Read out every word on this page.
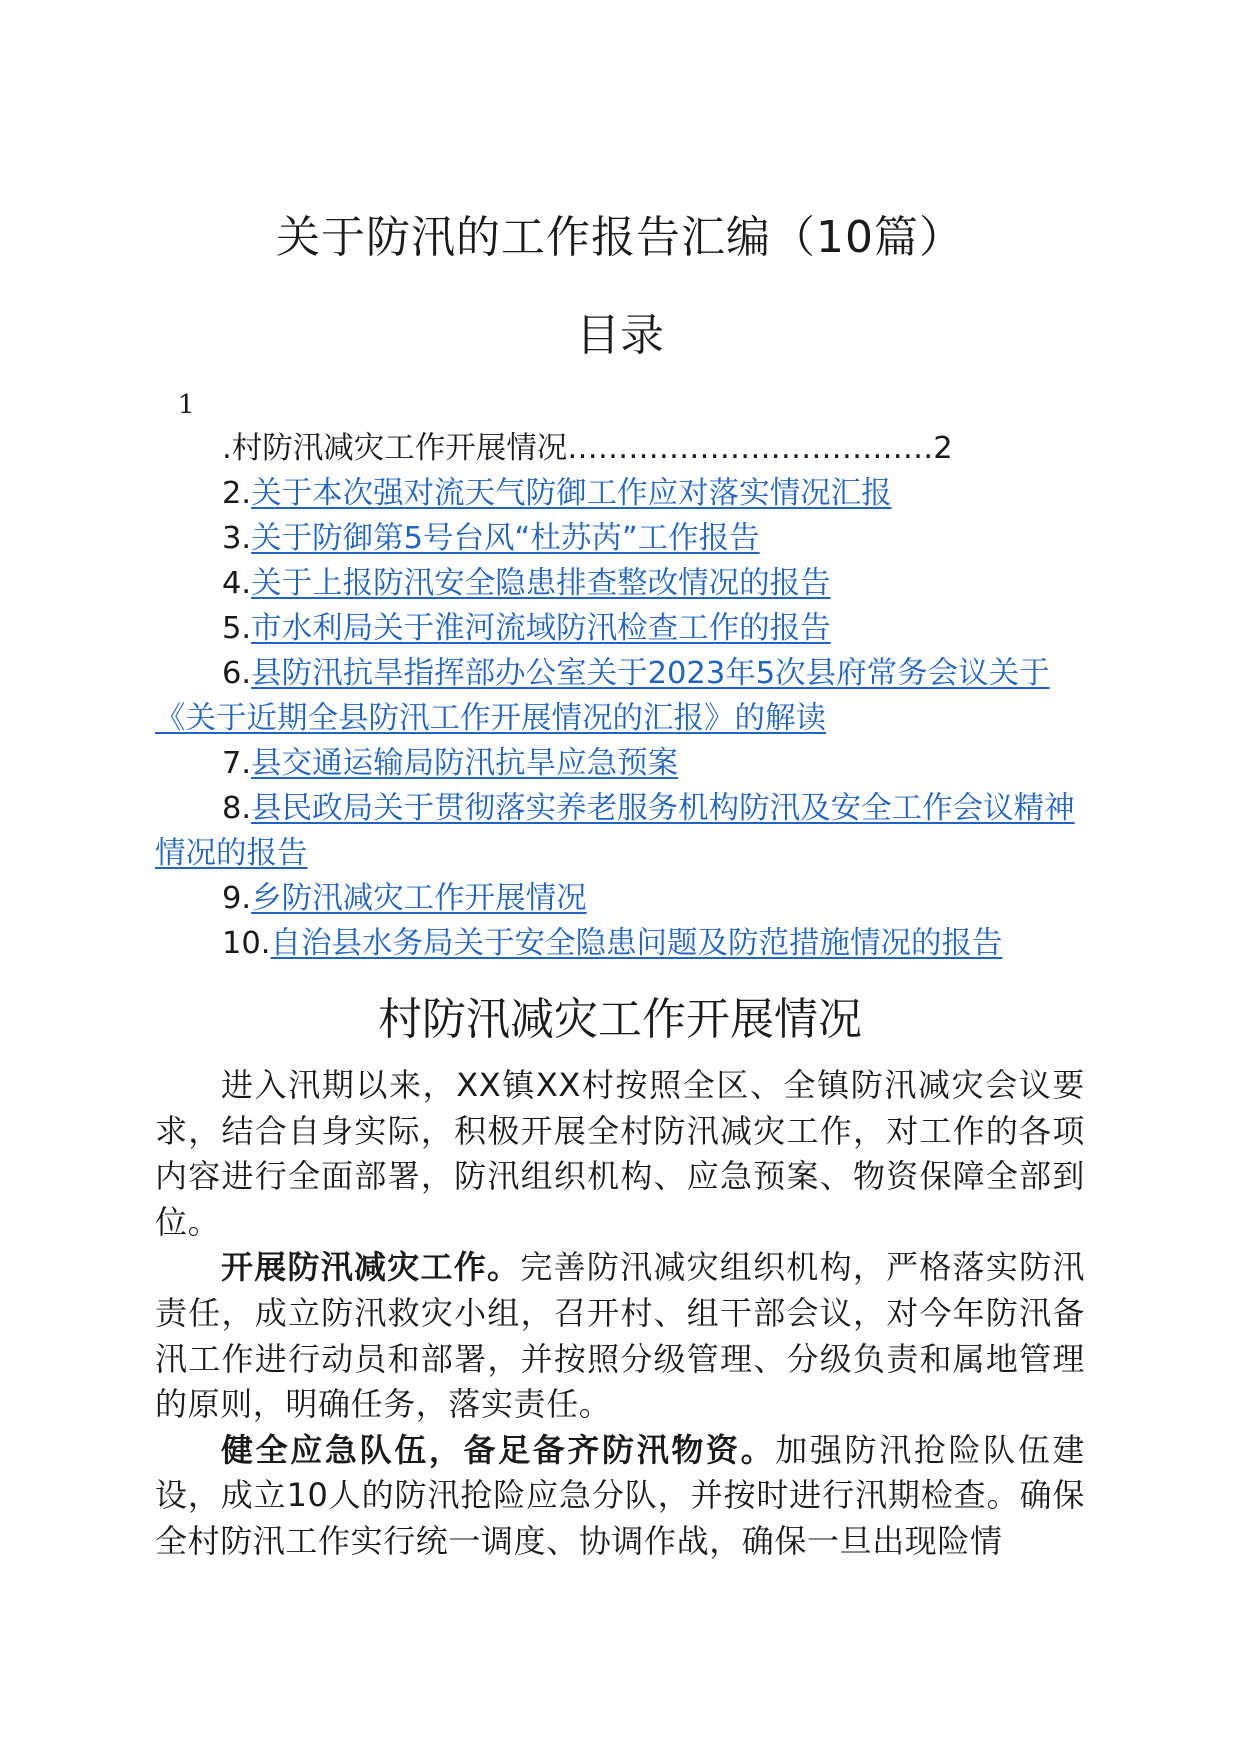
关于防汛的工作报告汇编（10篇）
目录
1

.村防汛减灾工作开展情况………………………………2

2.关于本次强对流天气防御工作应对落实情况汇报

3.关于防御第5号台风“杜苏芮”工作报告

4.关于上报防汛安全隐患排查整改情况的报告

5.市水利局关于淮河流域防汛检查工作的报告

6.县防汛抗旱指挥部办公室关于2023年5次县府常务会议关于《关于近期全县防汛工作开展情况的汇报》的解读

7.县交通运输局防汛抗旱应急预案

8.县民政局关于贯彻落实养老服务机构防汛及安全工作会议精神情况的报告

9.乡防汛减灾工作开展情况

10.自治县水务局关于安全隐患问题及防范措施情况的报告

村防汛减灾工作开展情况

进入汛期以来，XX镇XX村按照全区、全镇防汛减灾会议要求，结合自身实际，积极开展全村防汛减灾工作，对工作的各项内容进行全面部署，防汛组织机构、应急预案、物资保障全部到位。

开展防汛减灾工作。完善防汛减灾组织机构，严格落实防汛责任，成立防汛救灾小组，召开村、组干部会议，对今年防汛备汛工作进行动员和部署，并按照分级管理、分级负责和属地管理的原则，明确任务，落实责任。

健全应急队伍，备足备齐防汛物资。加强防汛抢险队伍建设，成立10人的防汛抢险应急分队，并按时进行汛期检查。确保全村防汛工作实行统一调度、协调作战，确保一旦出现险情
